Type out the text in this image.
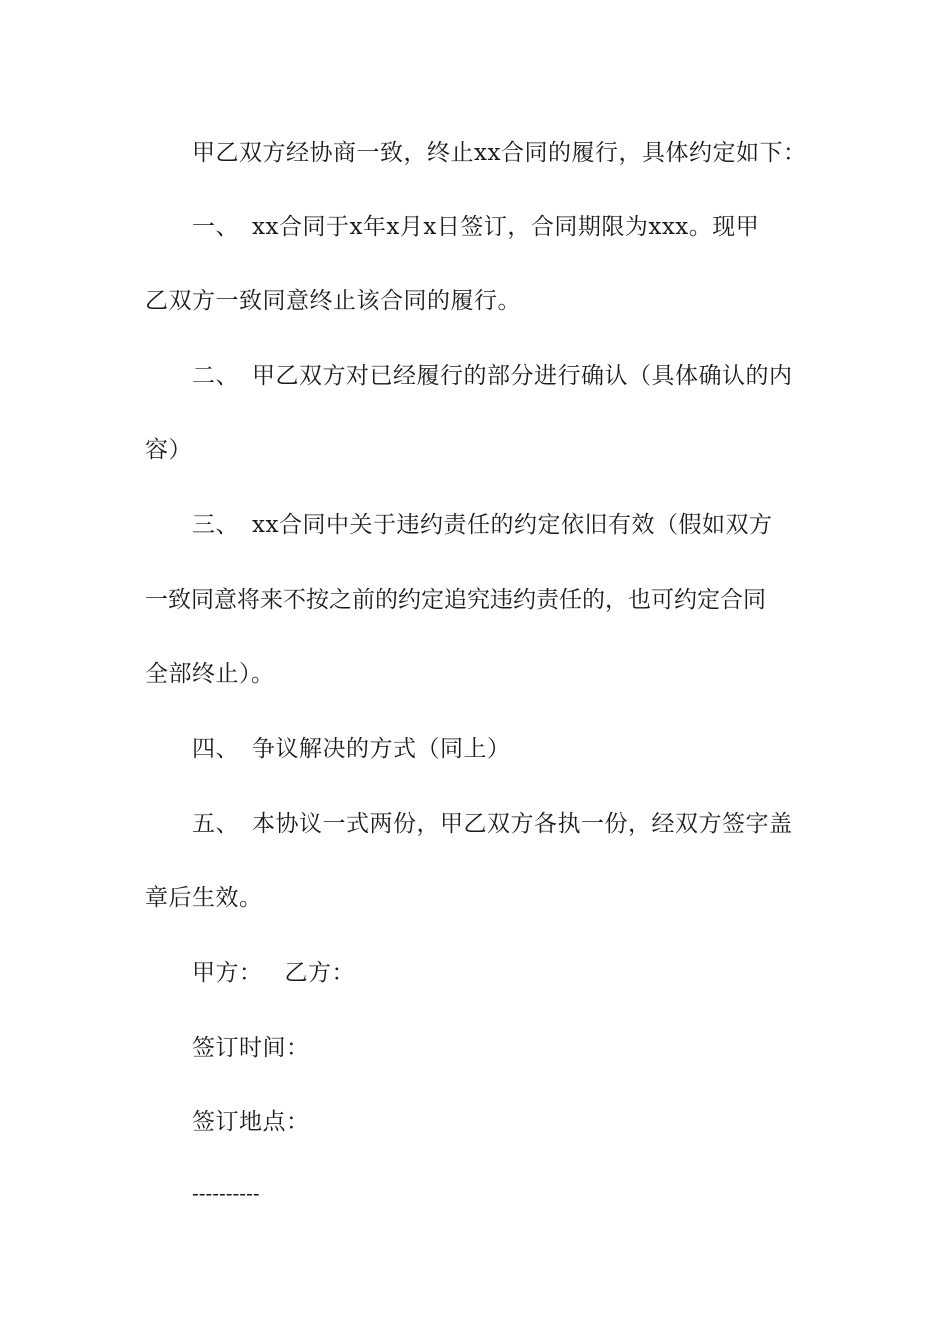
甲乙双方经协商一致，终止xx合同的履行，具体约定如下：
一、 xx合同于x年x月x日签订，合同期限为xxx。现甲
乙双方一致同意终止该合同的履行。
二、 甲乙双方对已经履行的部分进行确认（具体确认的内
容）
三、 xx合同中关于违约责任的约定依旧有效（假如双方
一致同意将来不按之前的约定追究违约责任的，也可约定合同
全部终止）。
四、 争议解决的方式（同上）
五、 本协议一式两份，甲乙双方各执一份，经双方签字盖
章后生效。
甲方： 乙方：
签订时间：
签订地点：
----------
